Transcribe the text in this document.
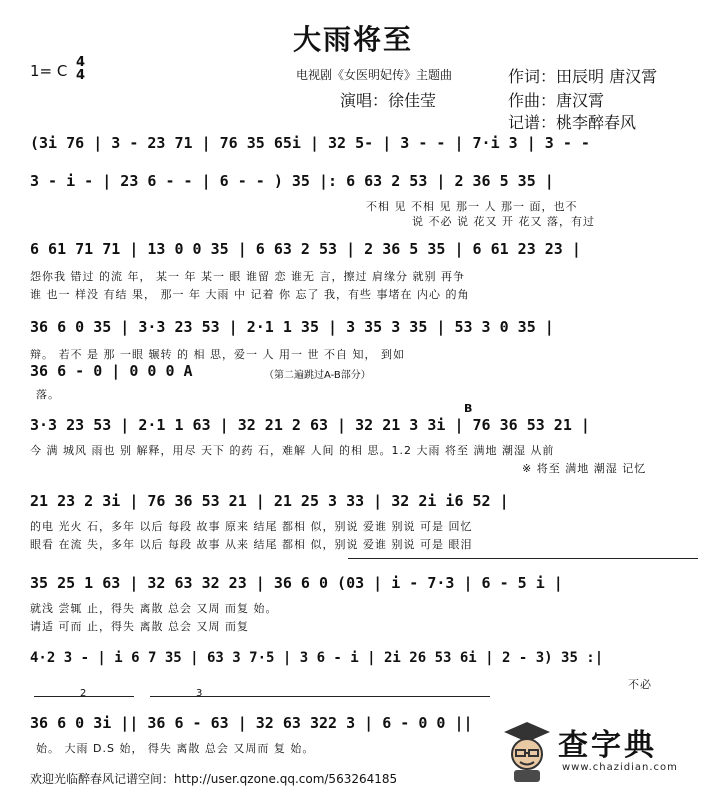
大雨将至
1= C 4
4	电视剧《女医明妃传》主题曲	作词：田辰明 唐汉霄
演唱：徐佳莹	作曲：唐汉霄
记谱：桃李醉春风
(3i 76 | 3 - 23 71 | 76 35 65i | 32 5- | 3 - - | 7·i 3 | 3 - -
3 - i - | 23 6 - - | 6 - - ) 35 |: 6 63 2 53 | 2 36 5 35 |
不相 见 不相 见 那一 人 那一 面，也不
说 不必 说 花又 开 花又 落，有过
6 61 71 71 | 13 0 0 35 | 6 63 2 53 | 2 36 5 35 | 6 61 23 23 |
怨你我 错过 的流 年， 某一 年 某一 眼 谁留 恋 谁无 言，擦过 肩缘分 就别 再争
谁 也一 样没 有结 果， 那一 年 大雨 中 记着 你 忘了 我，有些 事堵在 内心 的角
36 6 0 35 | 3·3 23 53 | 2·1 1 35 | 3 35 3 35 | 53 3 0 35 |
辩。 若不 是 那 一眼 辗转 的 相 思，爱一 人 用一 世 不自 知， 到如
36 6 - 0 | 0 0 0 A	（第二遍跳过A-B部分）
落。
B
3·3 23 53 | 2·1 1 63 | 32 21 2 63 | 32 21 3 3i | 76 36 53 21 |
今 满 城风 雨也 别 解释，用尽 天下 的药 石，难解 人间 的相 思。1.2 大雨 将至 满地 潮湿 从前
※ 将至 满地 潮湿 记忆
21 23 2 3i | 76 36 53 21 | 21 25 3 33 | 32 2i i6 52 |
的电 光火 石，多年 以后 每段 故事 原来 结尾 都相 似，别说 爱谁 别说 可是 回忆
眼看 在流 失，多年 以后 每段 故事 从来 结尾 都相 似，别说 爱谁 别说 可是 眼泪
35 25 1 63 | 32 63 32 23 | 36 6 0 (03 | i - 7·3 | 6 - 5 i |
就浅 尝辄 止，得失 离散 总会 又周 而复 始。
请适 可而 止，得失 离散 总会 又周 而复
4·2 3 - | i 6 7 35 | 63 3 7·5 | 3 6 - i | 2i 26 53 6i | 2 - 3) 35 :|
不必
2	3
36 6 0 3i || 36 6 - 63 | 32 63 322 3 | 6 - 0 0 ||
始。 大雨 D.S 始， 得失 离散 总会 又周而 复 始。	查字典
www.chazidian.com
欢迎光临醉春风记谱空间：http://user.qzone.qq.com/563264185
